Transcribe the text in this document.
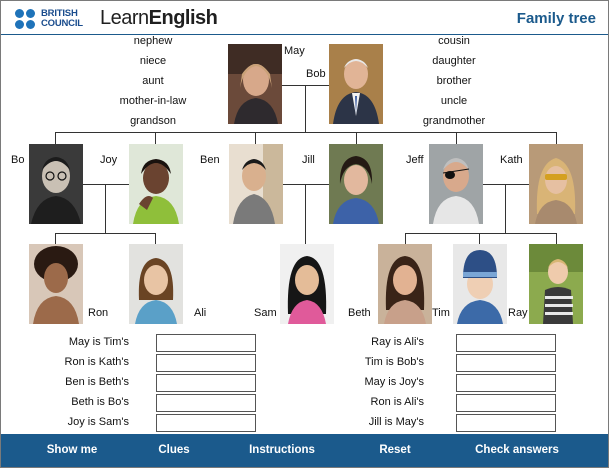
BRITISH
COUNCIL LearnEnglish	Family tree
nephew
niece
aunt
mother-in-law
grandson
cousin
daughter
brother
uncle
grandmother
May
Bob
Bo	Joy	Ben	Jill	Jeff	Kath
Ron	Ali	Sam	Beth	Tim	Ray
May is Tim's
Ron is Kath's
Ben is Beth's
Beth is Bo's
Joy is Sam's
Ray is Ali's
Tim is Bob's
May is Joy's
Ron is Ali's
Jill is May's
Show me	Clues	Instructions	Reset	Check answers
